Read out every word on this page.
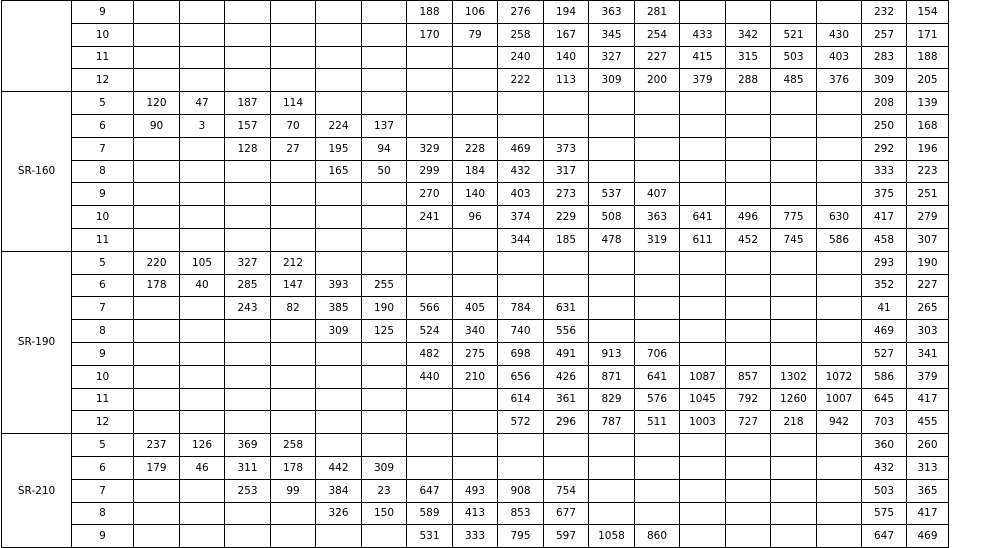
	9							188	106	276	194	363	281					232	154
	10							170	79	258	167	345	254	433	342	521	430	257	171
	11									240	140	327	227	415	315	503	403	283	188
	12									222	113	309	200	379	288	485	376	309	205
SR-160	5	120	47	187	114													208	139
	6	90	3	157	70	224	137											250	168
	7			128	27	195	94	329	228	469	373							292	196
	8					165	50	299	184	432	317							333	223
	9							270	140	403	273	537	407					375	251
	10							241	96	374	229	508	363	641	496	775	630	417	279
	11									344	185	478	319	611	452	745	586	458	307
SR-190	5	220	105	327	212													293	190
	6	178	40	285	147	393	255											352	227
	7			243	82	385	190	566	405	784	631							41	265
	8					309	125	524	340	740	556							469	303
	9							482	275	698	491	913	706					527	341
	10							440	210	656	426	871	641	1087	857	1302	1072	586	379
	11									614	361	829	576	1045	792	1260	1007	645	417
	12									572	296	787	511	1003	727	218	942	703	455
SR-210	5	237	126	369	258													360	260
	6	179	46	311	178	442	309											432	313
	7			253	99	384	23	647	493	908	754							503	365
	8					326	150	589	413	853	677							575	417
	9							531	333	795	597	1058	860					647	469
